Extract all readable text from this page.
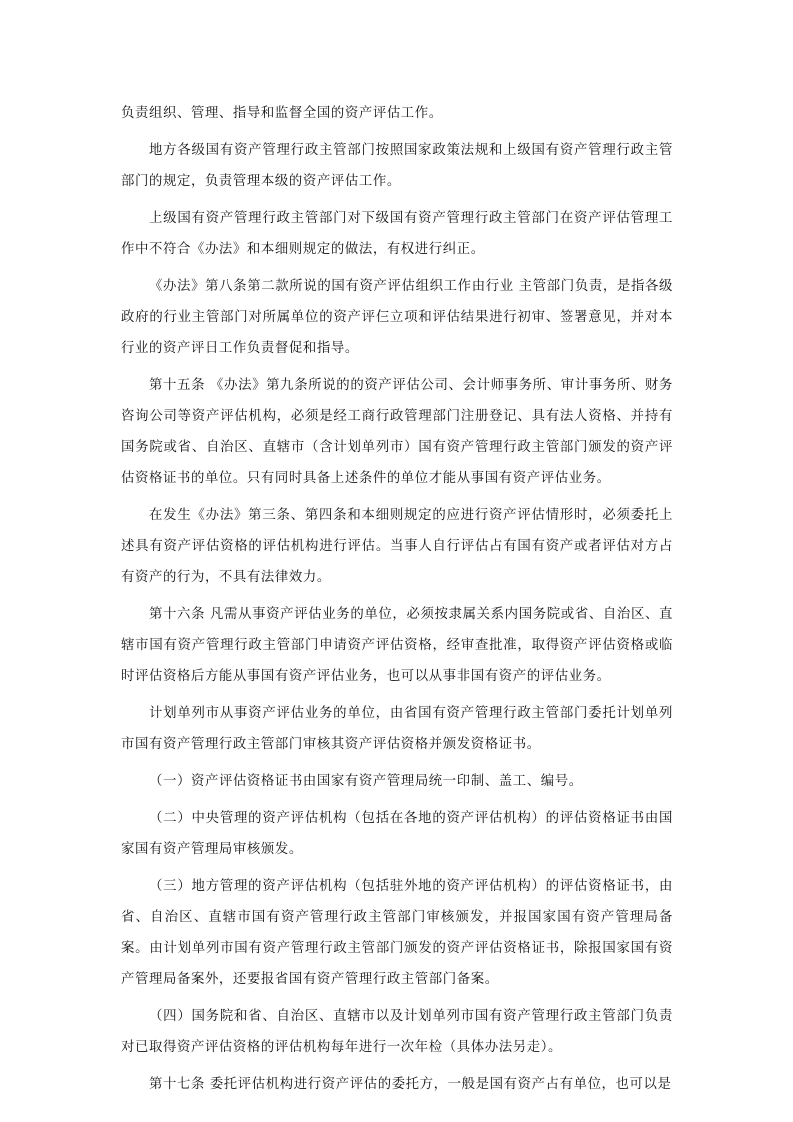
负责组织、管理、指导和监督全国的资产评估工作。

地方各级国有资产管理行政主管部门按照国家政策法规和上级国有资产管理行政主管部门的规定，负责管理本级的资产评估工作。

上级国有资产管理行政主管部门对下级国有资产管理行政主管部门在资产评估管理工作中不符合《办法》和本细则规定的做法，有权进行纠正。

《办法》第八条第二款所说的国有资产评估组织工作由行业 主管部门负责，是指各级政府的行业主管部门对所属单位的资产评仨立项和评估结果进行初审、签署意见，并对本行业的资产评日工作负责督促和指导。

第十五条 《办法》第九条所说的的资产评估公司、会计师事务所、审计事务所、财务咨询公司等资产评估机构，必须是经工商行政管理部门注册登记、具有法人资格、并持有国务院或省、自治区、直辖市（含计划单列市）国有资产管理行政主管部门颁发的资产评估资格证书的单位。只有同时具备上述条件的单位才能从事国有资产评估业务。

在发生《办法》第三条、第四条和本细则规定的应进行资产评估情形时，必须委托上述具有资产评估资格的评估机构进行评估。当事人自行评估占有国有资产或者评估对方占有资产的行为，不具有法律效力。

第十六条 凡需从事资产评估业务的单位，必须按隶属关系内国务院或省、自治区、直辖市国有资产管理行政主管部门申请资产评估资格，经审查批准，取得资产评估资格或临时评估资格后方能从事国有资产评估业务，也可以从事非国有资产的评估业务。

计划单列市从事资产评估业务的单位，由省国有资产管理行政主管部门委托计划单列市国有资产管理行政主管部门审核其资产评估资格并颁发资格证书。

（一）资产评估资格证书由国家有资产管理局统一印制、盖工、编号。

（二）中央管理的资产评估机构（包括在各地的资产评估机构）的评估资格证书由国家国有资产管理局审核颁发。

（三）地方管理的资产评估机构（包括驻外地的资产评估机构）的评估资格证书，由省、自治区、直辖市国有资产管理行政主管部门审核颁发，并报国家国有资产管理局备案。由计划单列市国有资产管理行政主管部门颁发的资产评估资格证书，除报国家国有资产管理局备案外，还要报省国有资产管理行政主管部门备案。

（四）国务院和省、自治区、直辖市以及计划单列市国有资产管理行政主管部门负责对已取得资产评估资格的评估机构每年进行一次年检（具体办法另走）。

第十七条 委托评估机构进行资产评估的委托方，一般是国有资产占有单位，也可以是
